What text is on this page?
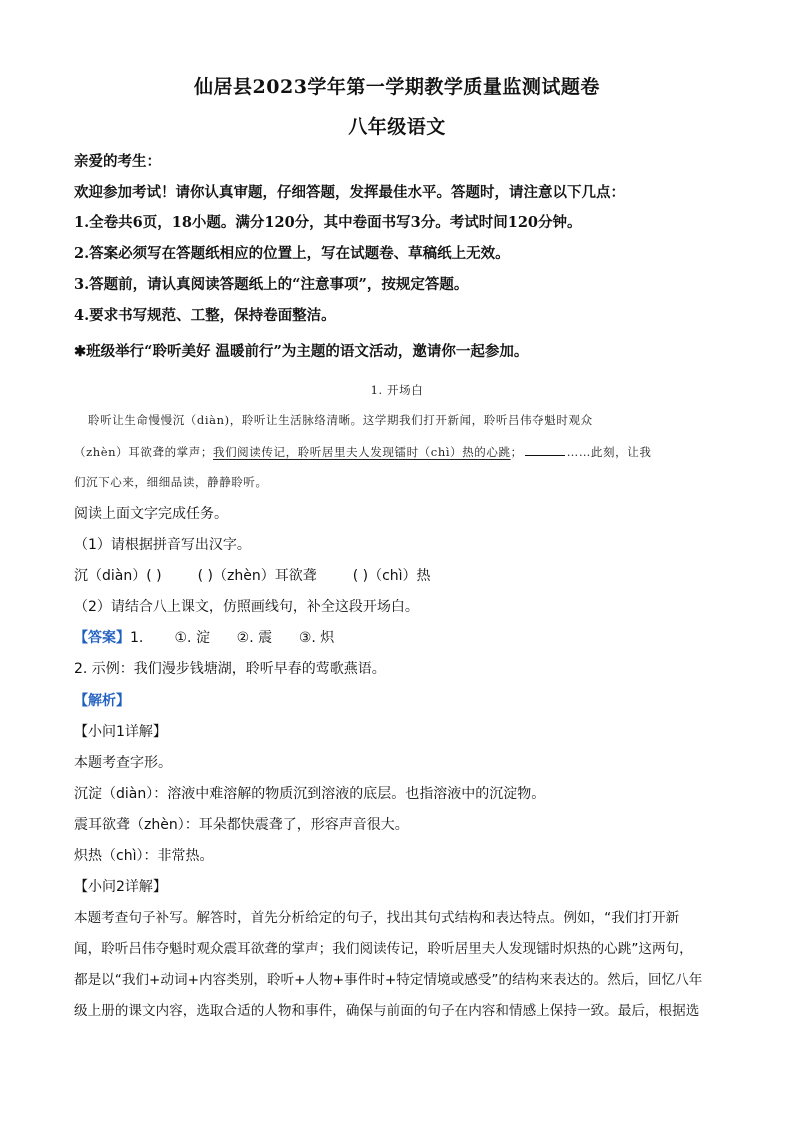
仙居县2023学年第一学期教学质量监测试题卷
八年级语文
亲爱的考生：
欢迎参加考试！请你认真审题，仔细答题，发挥最佳水平。答题时，请注意以下几点：
1.全卷共6页，18小题。满分120分，其中卷面书写3分。考试时间120分钟。
2.答案必须写在答题纸相应的位置上，写在试题卷、草稿纸上无效。
3.答题前，请认真阅读答题纸上的“注意事项”，按规定答题。
4.要求书写规范、工整，保持卷面整洁。
✱班级举行“聆听美好 温暖前行”为主题的语文活动，邀请你一起参加。
1. 开场白
聆听让生命慢慢沉（diàn)，聆听让生活脉络清晰。这学期我们打开新闻，聆听吕伟夺魁时观众
（zhèn）耳欲聋的掌声；我们阅读传记，聆听居里夫人发现镭时（chì）热的心跳；	……此刻，让我
们沉下心来，细细品读，静静聆听。
阅读上面文字完成任务。
（1）请根据拼音写出汉字。
沉（diàn）( )	( )（zhèn）耳欲聋	( )（chì）热
（2）请结合八上课文，仿照画线句，补全这段开场白。
【答案】1.       ①. 淀      ②. 震      ③. 炽
2. 示例：我们漫步钱塘湖，聆听早春的莺歌燕语。
【解析】
【小问1详解】
本题考查字形。
沉淀（diàn）：溶液中难溶解的物质沉到溶液的底层。也指溶液中的沉淀物。
震耳欲聋（zhèn）：耳朵都快震聋了，形容声音很大。
炽热（chì）：非常热。
【小问2详解】
本题考查句子补写。解答时，首先分析给定的句子，找出其句式结构和表达特点。例如，“我们打开新
闻，聆听吕伟夺魁时观众震耳欲聋的掌声；我们阅读传记，聆听居里夫人发现镭时炽热的心跳”这两句，
都是以“我们+动词+内容类别，聆听+人物+事件时+特定情境或感受”的结构来表达的。然后，回忆八年
级上册的课文内容，选取合适的人物和事件，确保与前面的句子在内容和情感上保持一致。最后，根据选
